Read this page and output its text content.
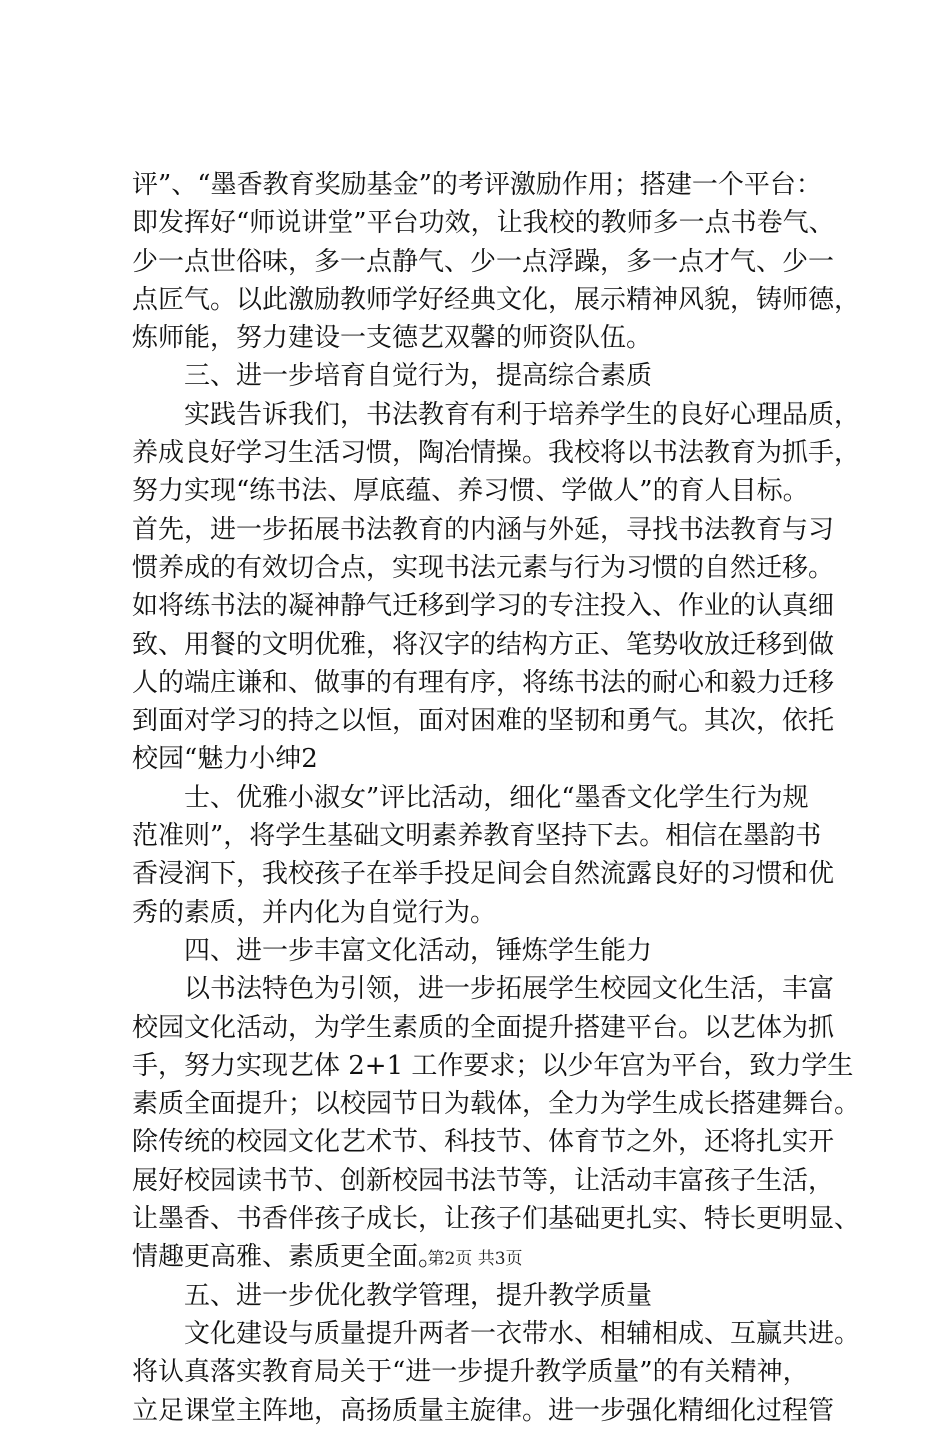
评”、“墨香教育奖励基金”的考评激励作用；搭建一个平台：
即发挥好“师说讲堂”平台功效，让我校的教师多一点书卷气、
少一点世俗味，多一点静气、少一点浮躁，多一点才气、少一
点匠气。以此激励教师学好经典文化，展示精神风貌，铸师德，
炼师能，努力建设一支德艺双馨的师资队伍。
三、进一步培育自觉行为，提高综合素质
实践告诉我们，书法教育有利于培养学生的良好心理品质，
养成良好学习生活习惯，陶冶情操。我校将以书法教育为抓手，
努力实现“练书法、厚底蕴、养习惯、学做人”的育人目标。
首先，进一步拓展书法教育的内涵与外延，寻找书法教育与习
惯养成的有效切合点，实现书法元素与行为习惯的自然迁移。
如将练书法的凝神静气迁移到学习的专注投入、作业的认真细
致、用餐的文明优雅，将汉字的结构方正、笔势收放迁移到做
人的端庄谦和、做事的有理有序，将练书法的耐心和毅力迁移
到面对学习的持之以恒，面对困难的坚韧和勇气。其次，依托
校园“魅力小绅2
士、优雅小淑女”评比活动，细化“墨香文化学生行为规
范准则”，将学生基础文明素养教育坚持下去。相信在墨韵书
香浸润下，我校孩子在举手投足间会自然流露良好的习惯和优
秀的素质，并内化为自觉行为。
四、进一步丰富文化活动，锤炼学生能力
以书法特色为引领，进一步拓展学生校园文化生活，丰富
校园文化活动，为学生素质的全面提升搭建平台。以艺体为抓
手，努力实现艺体 2+1 工作要求；以少年宫为平台，致力学生
素质全面提升；以校园节日为载体，全力为学生成长搭建舞台。
除传统的校园文化艺术节、科技节、体育节之外，还将扎实开
展好校园读书节、创新校园书法节等，让活动丰富孩子生活，
让墨香、书香伴孩子成长，让孩子们基础更扎实、特长更明显、
情趣更高雅、素质更全面。
五、进一步优化教学管理，提升教学质量
文化建设与质量提升两者一衣带水、相辅相成、互赢共进。
将认真落实教育局关于“进一步提升教学质量”的有关精神，
立足课堂主阵地，高扬质量主旋律。进一步强化精细化过程管
第2页 共3页
